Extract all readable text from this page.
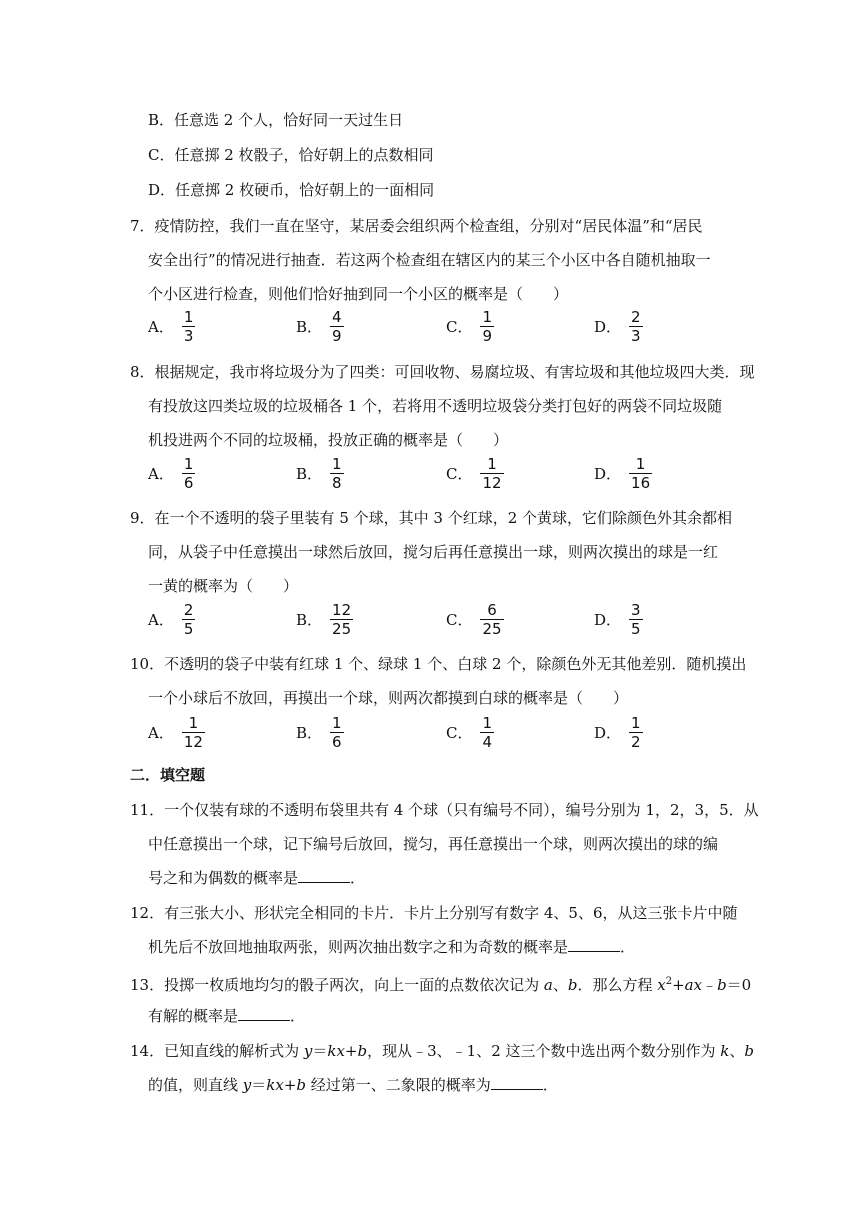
B．任意选 2 个人，恰好同一天过生日
C．任意掷 2 枚骰子，恰好朝上的点数相同
D．任意掷 2 枚硬币，恰好朝上的一面相同
7．疫情防控，我们一直在坚守，某居委会组织两个检查组，分别对“居民体温”和“居民
安全出行”的情况进行抽查．若这两个检查组在辖区内的某三个小区中各自随机抽取一
个小区进行检查，则他们恰好抽到同一个小区的概率是（　　）
A． $\frac{1}{3}$	B． $\frac{4}{9}$	C． $\frac{1}{9}$	D． $\frac{2}{3}$
8．根据规定，我市将垃圾分为了四类：可回收物、易腐垃圾、有害垃圾和其他垃圾四大类．现
有投放这四类垃圾的垃圾桶各 1 个，若将用不透明垃圾袋分类打包好的两袋不同垃圾随
机投进两个不同的垃圾桶，投放正确的概率是（　　）
A． $\frac{1}{6}$	B． $\frac{1}{8}$	C． $\frac{1}{12}$	D． $\frac{1}{16}$
9．在一个不透明的袋子里装有 5 个球，其中 3 个红球，2 个黄球，它们除颜色外其余都相
同，从袋子中任意摸出一球然后放回，搅匀后再任意摸出一球，则两次摸出的球是一红
一黄的概率为（　　）
A． $\frac{2}{5}$	B． $\frac{12}{25}$	C． $\frac{6}{25}$	D． $\frac{3}{5}$
10．不透明的袋子中装有红球 1 个、绿球 1 个、白球 2 个，除颜色外无其他差别．随机摸出
一个小球后不放回，再摸出一个球，则两次都摸到白球的概率是（　　）
A． $\frac{1}{12}$	B． $\frac{1}{6}$	C． $\frac{1}{4}$	D． $\frac{1}{2}$
二．填空题
11．一个仅装有球的不透明布袋里共有 4 个球（只有编号不同），编号分别为 1，2，3，5．从
中任意摸出一个球，记下编号后放回，搅匀，再任意摸出一个球，则两次摸出的球的编
号之和为偶数的概率是	．
12．有三张大小、形状完全相同的卡片．卡片上分别写有数字 4、5、6，从这三张卡片中随
机先后不放回地抽取两张，则两次抽出数字之和为奇数的概率是	．
13．投掷一枚质地均匀的骰子两次，向上一面的点数依次记为 a、b．那么方程 $x^2+ax﹣b=0$
有解的概率是	．
14．已知直线的解析式为 y＝kx+b，现从﹣3、﹣1、2 这三个数中选出两个数分别作为 k、b
的值，则直线 y＝kx+b 经过第一、二象限的概率为	．
